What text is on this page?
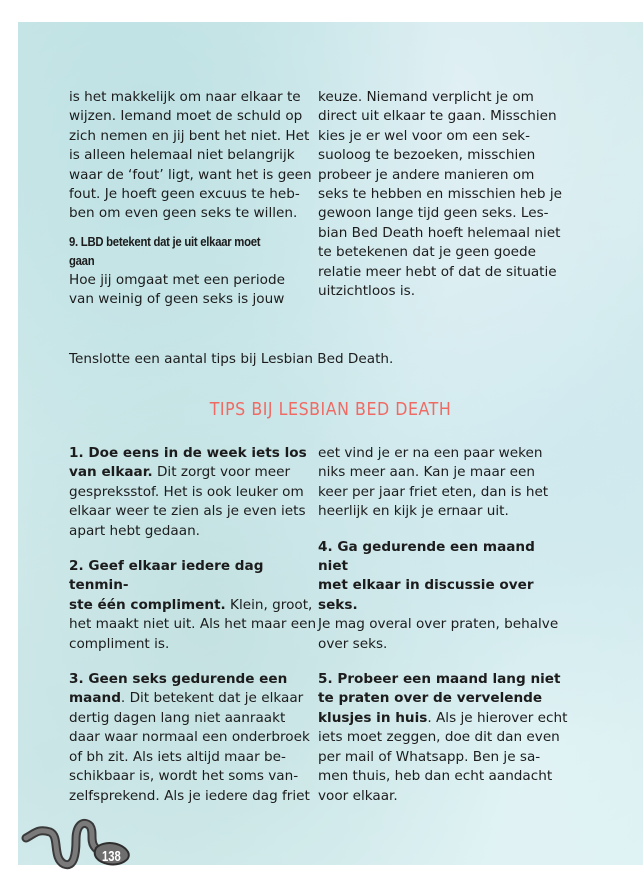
is het makkelijk om naar elkaar te

wijzen. Iemand moet de schuld op

zich nemen en jij bent het niet. Het

is alleen helemaal niet belangrijk

waar de ‘fout’ ligt, want het is geen

fout. Je hoeft geen excuus te heb-

ben om even geen seks te willen.

9. LBD betekent dat je uit elkaar moet
gaan

Hoe jij omgaat met een periode

van weinig of geen seks is jouw

keuze. Niemand verplicht je om

direct uit elkaar te gaan. Misschien

kies je er wel voor om een sek-

suoloog te bezoeken, misschien

probeer je andere manieren om

seks te hebben en misschien heb je

gewoon lange tijd geen seks. Les-

bian Bed Death hoeft helemaal niet

te betekenen dat je geen goede

relatie meer hebt of dat de situatie

uitzichtloos is.

Tenslotte een aantal tips bij Lesbian Bed Death.
TIPS BIJ LESBIAN BED DEATH

1. Doe eens in de week iets los

van elkaar. Dit zorgt voor meer

gespreksstof. Het is ook leuker om

elkaar weer te zien als je even iets

apart hebt gedaan.

2. Geef elkaar iedere dag tenmin-

ste één compliment. Klein, groot,

het maakt niet uit. Als het maar een

compliment is.

3. Geen seks gedurende een

maand. Dit betekent dat je elkaar

dertig dagen lang niet aanraakt

daar waar normaal een onderbroek

of bh zit. Als iets altijd maar be-

schikbaar is, wordt het soms van-

zelfsprekend. Als je iedere dag friet

eet vind je er na een paar weken

niks meer aan. Kan je maar een

keer per jaar friet eten, dan is het

heerlijk en kijk je ernaar uit.

4. Ga gedurende een maand niet

met elkaar in discussie over seks.

Je mag overal over praten, behalve

over seks.

5. Probeer een maand lang niet

te praten over de vervelende

klusjes in huis. Als je hierover echt

iets moet zeggen, doe dit dan even

per mail of Whatsapp. Ben je sa-

men thuis, heb dan echt aandacht

voor elkaar.

138
